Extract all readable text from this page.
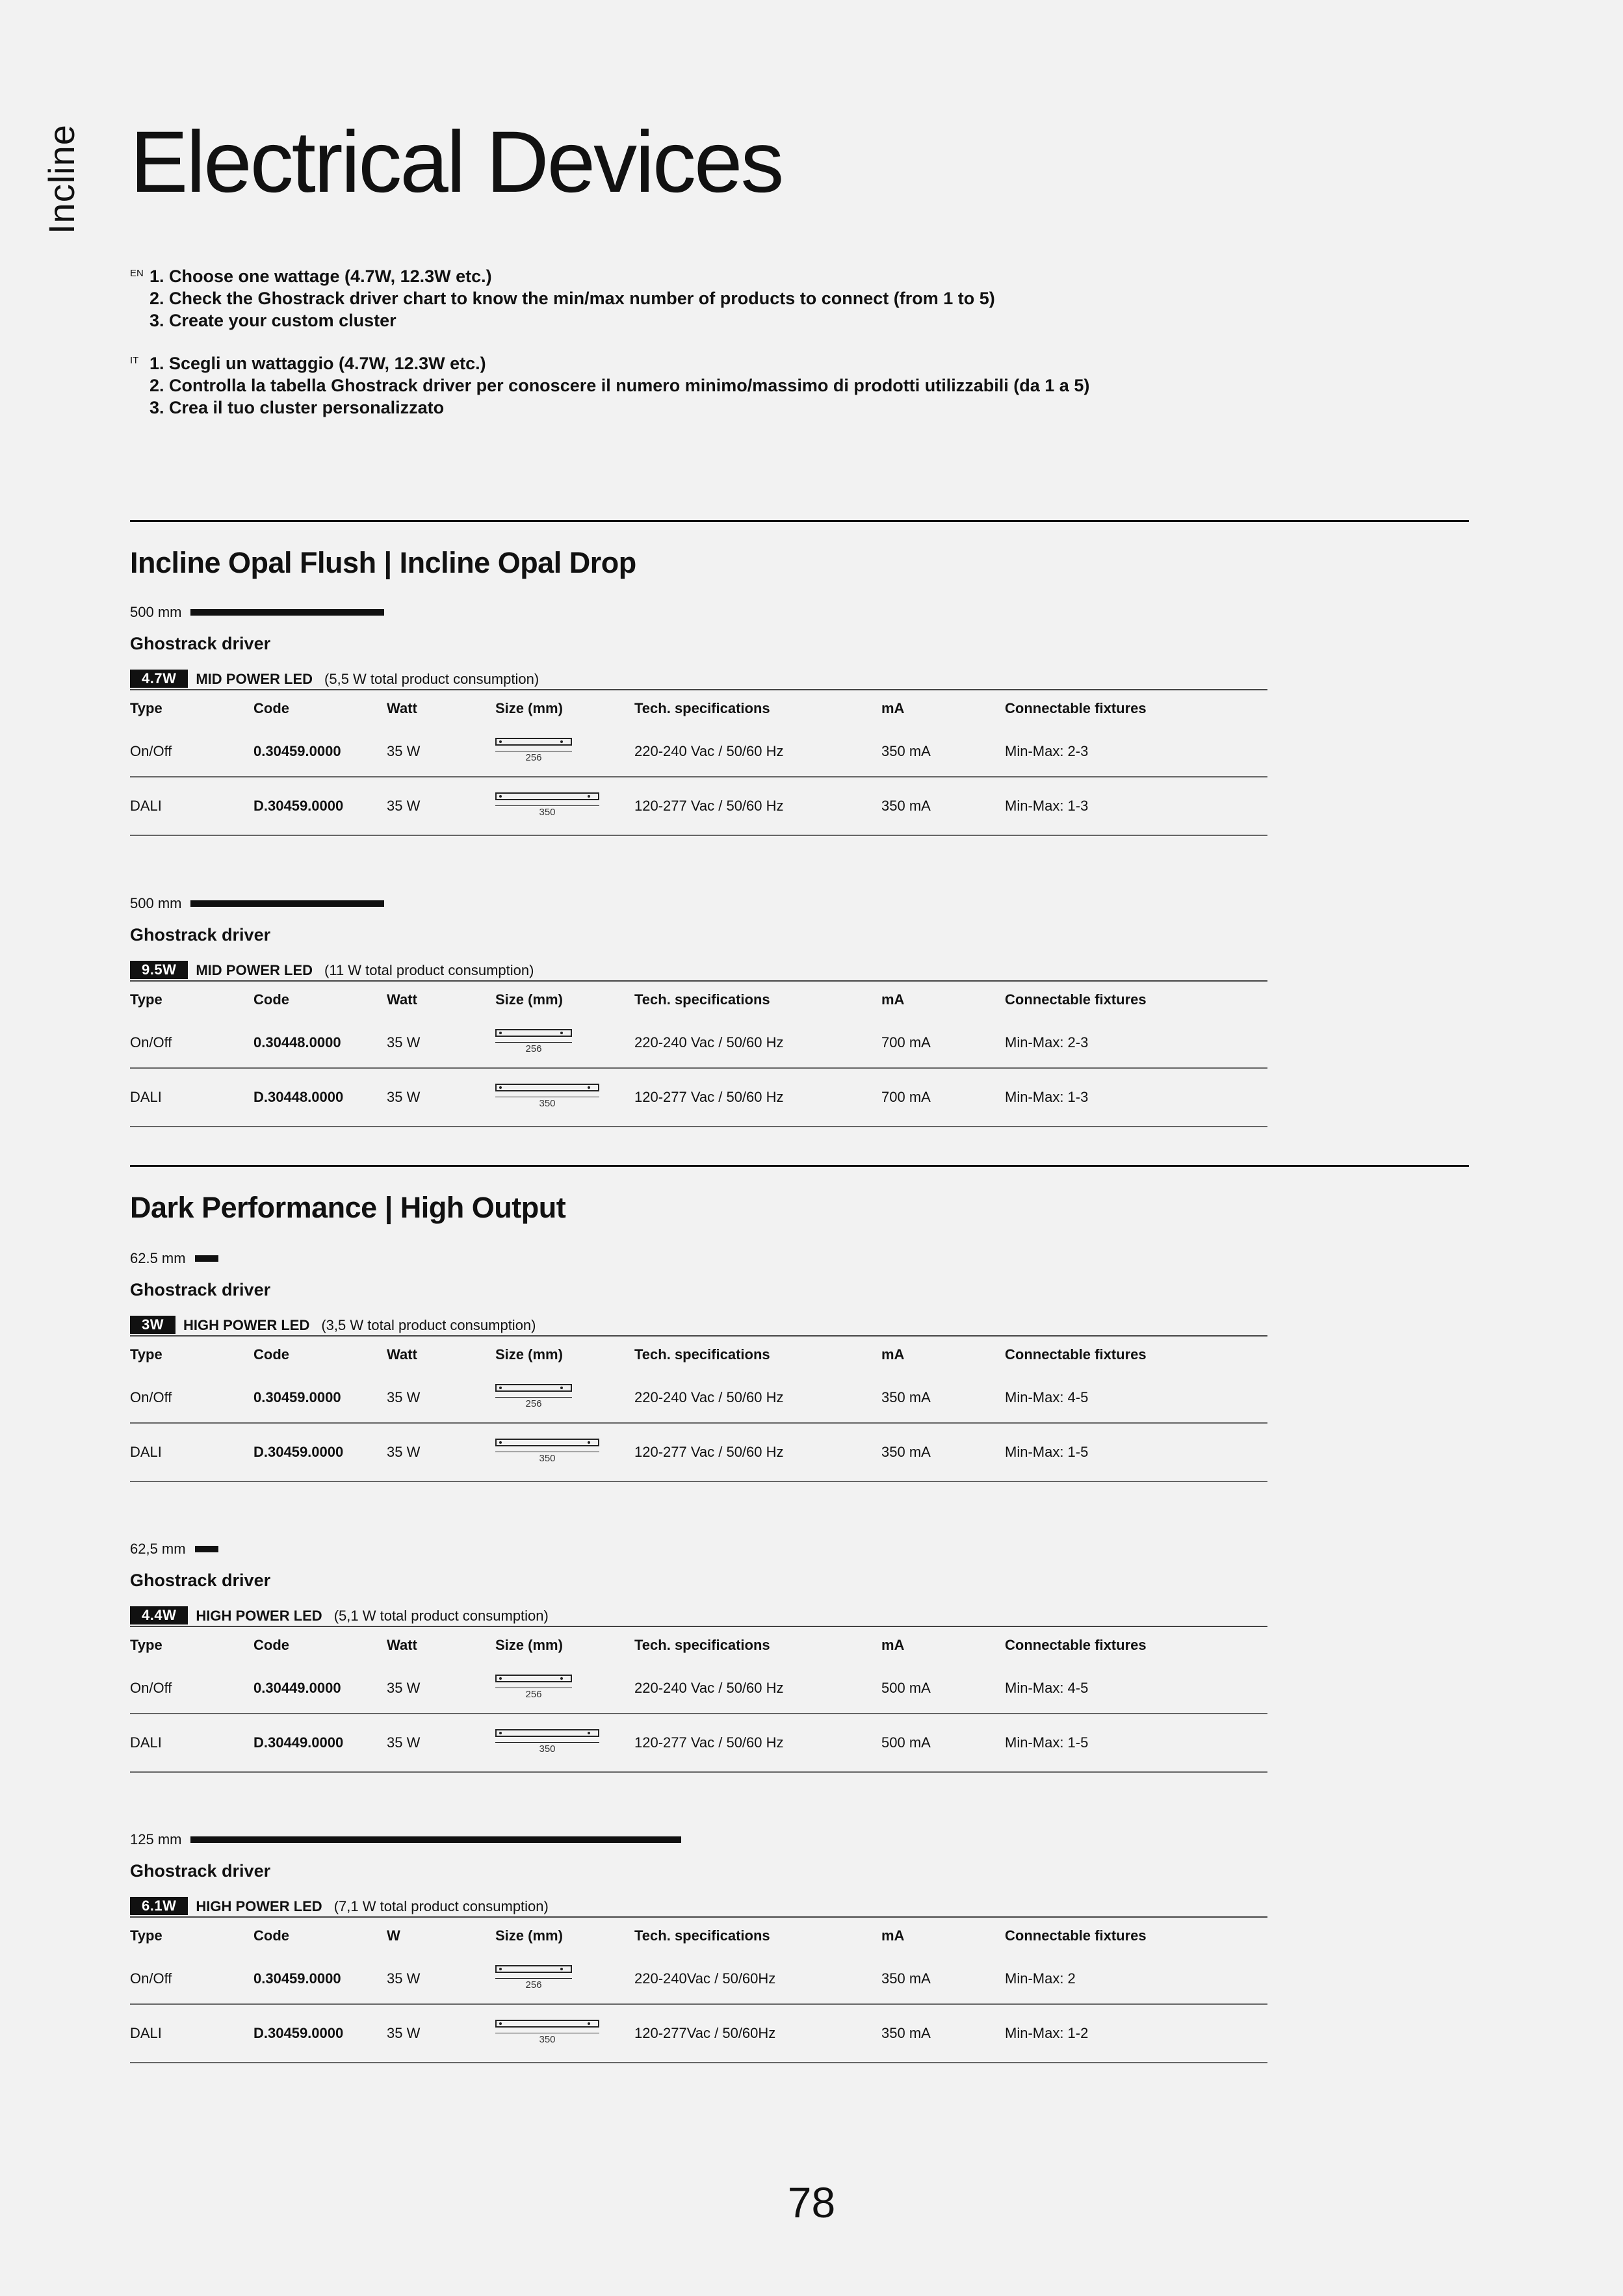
Incline Electrical Devices
EN 1. Choose one wattage (4.7W, 12.3W etc.)
2. Check the Ghostrack driver chart to know the min/max number of products to connect (from 1 to 5)
3. Create your custom cluster
IT 1. Scegli un wattaggio (4.7W, 12.3W etc.)
2. Controlla la tabella Ghostrack driver per conoscere il numero minimo/massimo di prodotti utilizzabili (da 1 a 5)
3. Crea il tuo cluster personalizzato
Incline Opal Flush | Incline Opal Drop
Dark Performance | High Output
500 mm
Ghostrack driver
4.7W	MID POWER LED (5,5 W total product consumption)
Type	Code	Watt	Size (mm)	Tech. specifications	mA	Connectable fixtures
On/Off	0.30459.0000	35 W	256	220-240 Vac / 50/60 Hz	350 mA	Min-Max: 2-3
DALI	D.30459.0000	35 W	350	120-277 Vac / 50/60 Hz	350 mA	Min-Max: 1-3
500 mm
Ghostrack driver
9.5W	MID POWER LED (11 W total product consumption)
Type	Code	Watt	Size (mm)	Tech. specifications	mA	Connectable fixtures
On/Off	0.30448.0000	35 W	256	220-240 Vac / 50/60 Hz	700 mA	Min-Max: 2-3
DALI	D.30448.0000	35 W	350	120-277 Vac / 50/60 Hz	700 mA	Min-Max: 1-3
62.5 mm
Ghostrack driver
3W	HIGH POWER LED (3,5 W total product consumption)
Type	Code	Watt	Size (mm)	Tech. specifications	mA	Connectable fixtures
On/Off	0.30459.0000	35 W	256	220-240 Vac / 50/60 Hz	350 mA	Min-Max: 4-5
DALI	D.30459.0000	35 W	350	120-277 Vac / 50/60 Hz	350 mA	Min-Max: 1-5
62,5 mm
Ghostrack driver
4.4W	HIGH POWER LED (5,1 W total product consumption)
Type	Code	Watt	Size (mm)	Tech. specifications	mA	Connectable fixtures
On/Off	0.30449.0000	35 W	256	220-240 Vac / 50/60 Hz	500 mA	Min-Max: 4-5
DALI	D.30449.0000	35 W	350	120-277 Vac / 50/60 Hz	500 mA	Min-Max: 1-5
125 mm
Ghostrack driver
6.1W	HIGH POWER LED (7,1 W total product consumption)
Type	Code	W	Size (mm)	Tech. specifications	mA	Connectable fixtures
On/Off	0.30459.0000	35 W	256	220-240Vac / 50/60Hz	350 mA	Min-Max: 2
DALI	D.30459.0000	35 W	350	120-277Vac / 50/60Hz	350 mA	Min-Max: 1-2
78
